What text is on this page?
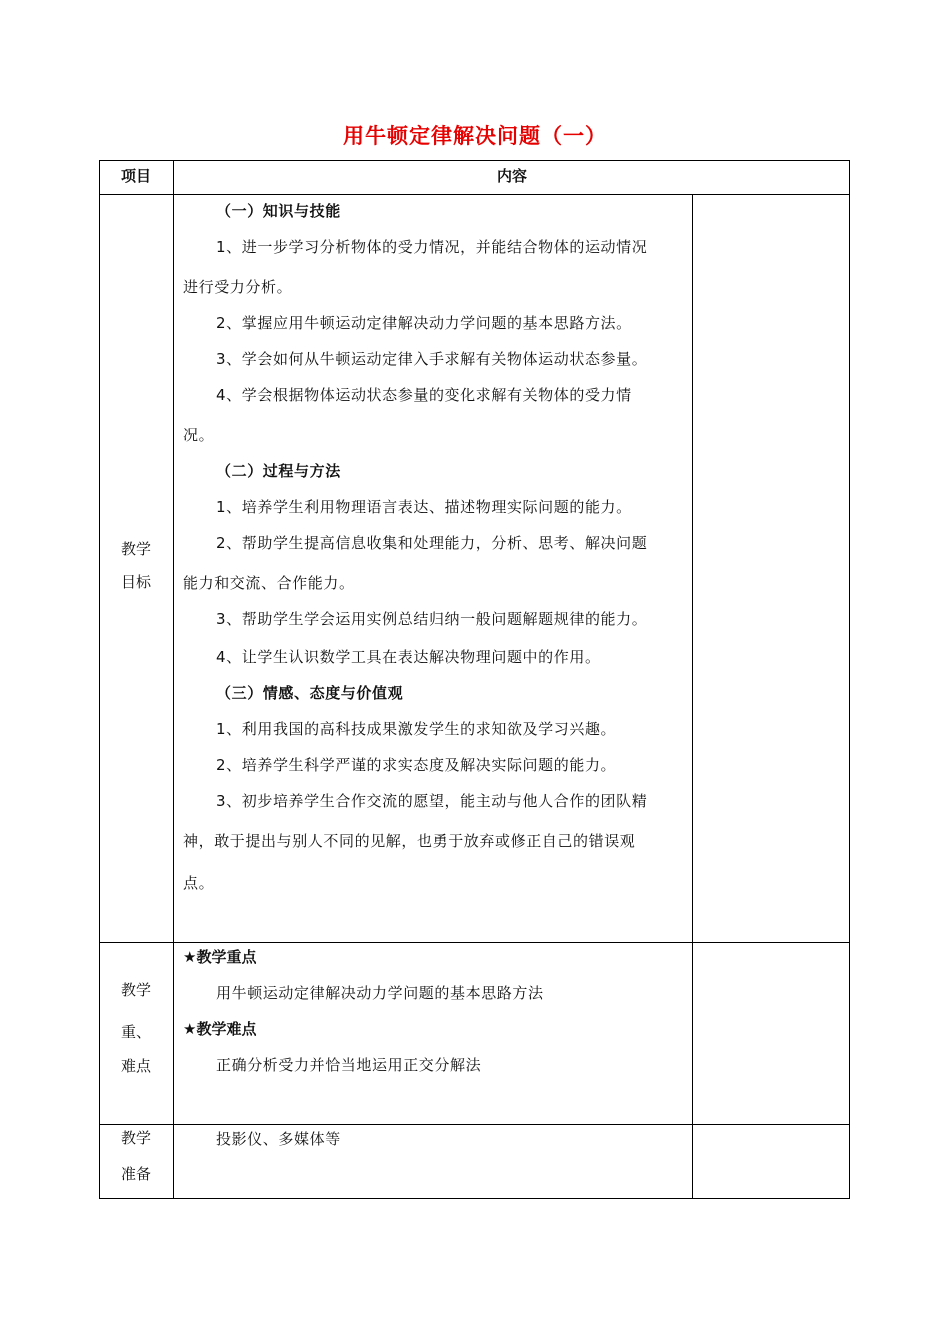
用牛顿定律解决问题（一）
项目	内容
教学
目标
（一）知识与技能
1、进一步学习分析物体的受力情况，并能结合物体的运动情况
进行受力分析。
2、掌握应用牛顿运动定律解决动力学问题的基本思路方法。
3、学会如何从牛顿运动定律入手求解有关物体运动状态参量。
4、学会根据物体运动状态参量的变化求解有关物体的受力情
况。
（二）过程与方法
1、培养学生利用物理语言表达、描述物理实际问题的能力。
2、帮助学生提高信息收集和处理能力，分析、思考、解决问题
能力和交流、合作能力。
3、帮助学生学会运用实例总结归纳一般问题解题规律的能力。
4、让学生认识数学工具在表达解决物理问题中的作用。
（三）情感、态度与价值观
1、利用我国的高科技成果激发学生的求知欲及学习兴趣。
2、培养学生科学严谨的求实态度及解决实际问题的能力。
3、初步培养学生合作交流的愿望，能主动与他人合作的团队精
神，敢于提出与别人不同的见解，也勇于放弃或修正自己的错误观
点。
教学
重、
难点
★教学重点
用牛顿运动定律解决动力学问题的基本思路方法
★教学难点
正确分析受力并恰当地运用正交分解法
教学
准备
投影仪、多媒体等
